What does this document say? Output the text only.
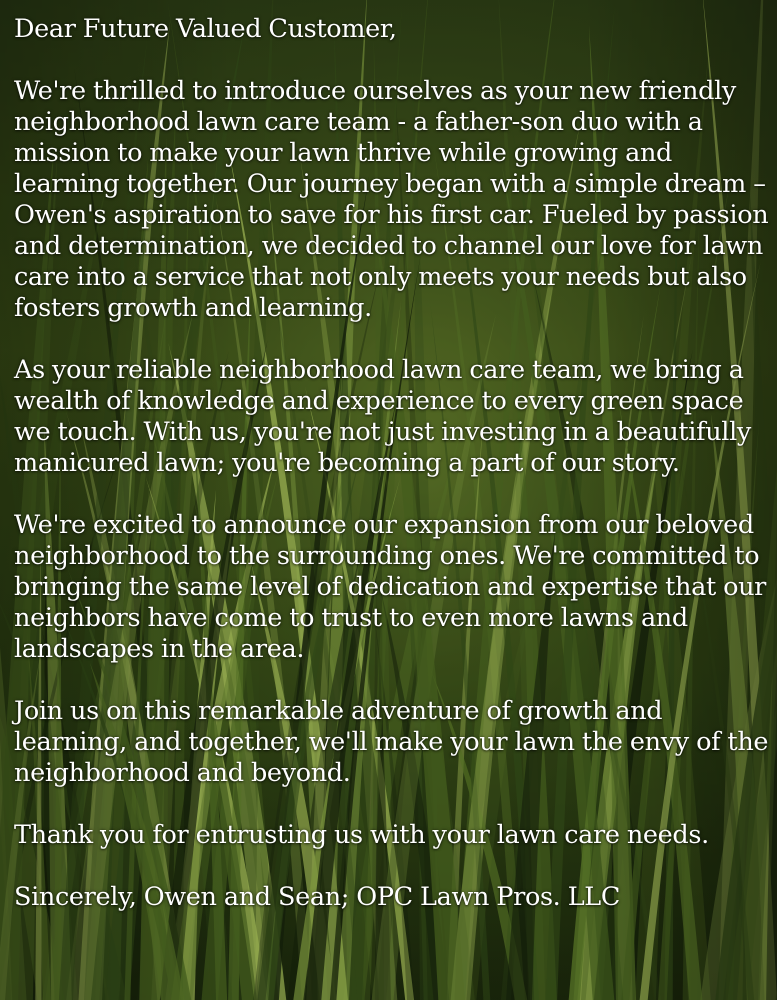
Dear Future Valued Customer,

We're thrilled to introduce ourselves as your new friendly neighborhood lawn care team - a father-son duo with a mission to make your lawn thrive while growing and learning together. Our journey began with a simple dream –Owen's aspiration to save for his first car. Fueled by passion and determination, we decided to channel our love for lawn care into a service that not only meets your needs but also fosters growth and learning.

As your reliable neighborhood lawn care team, we bring a wealth of knowledge and experience to every green space we touch. With us, you're not just investing in a beautifully manicured lawn; you're becoming a part of our story.

We're excited to announce our expansion from our beloved neighborhood to the surrounding ones. We're committed to bringing the same level of dedication and expertise that our neighbors have come to trust to even more lawns and landscapes in the area.

Join us on this remarkable adventure of growth and learning, and together, we'll make your lawn the envy of the neighborhood and beyond.

Thank you for entrusting us with your lawn care needs.

Sincerely, Owen and Sean; OPC Lawn Pros. LLC
